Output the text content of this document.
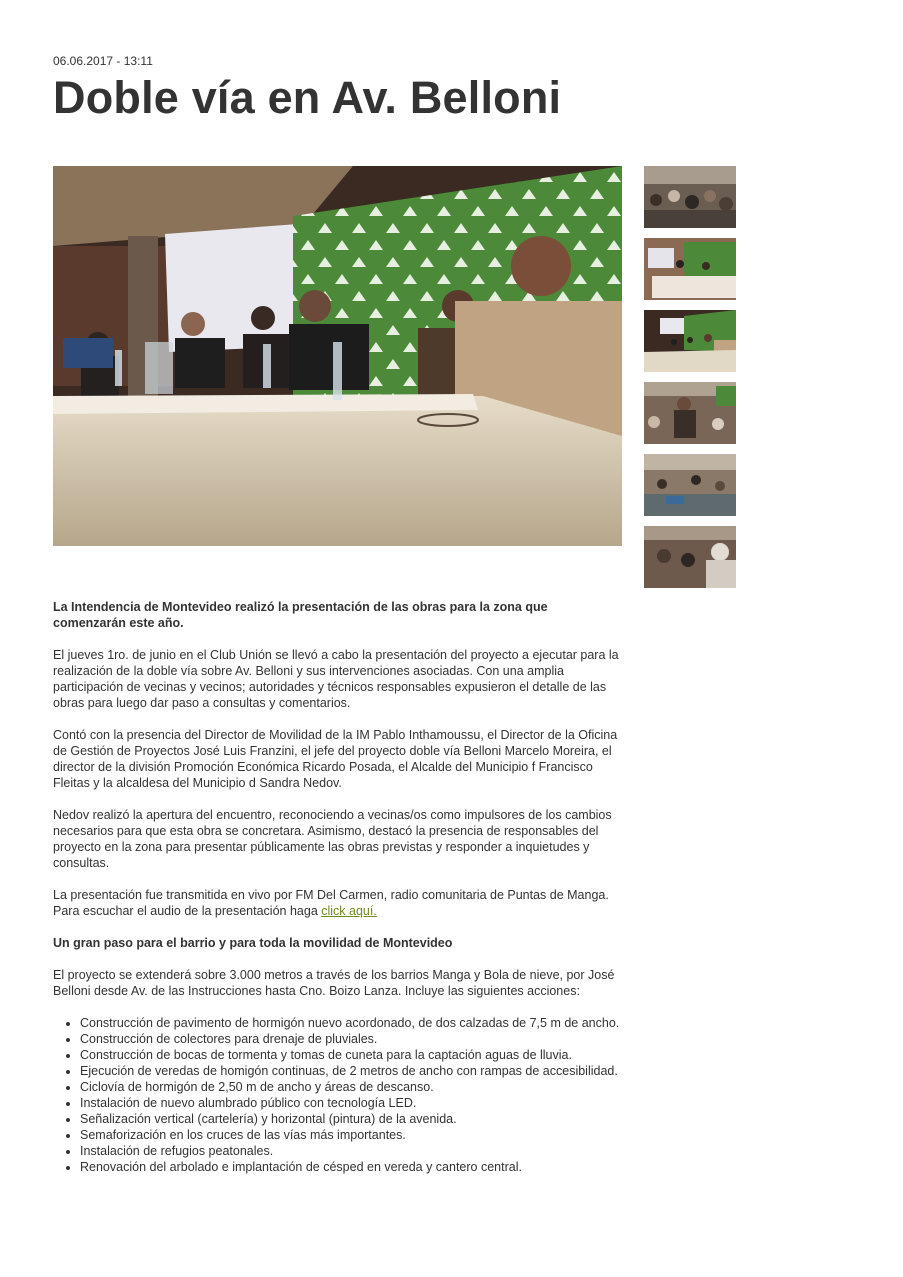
06.06.2017 - 13:11
Doble vía en Av. Belloni

La Intendencia de Montevideo realizó la presentación de las obras para la zona que comenzarán este año.

El jueves 1ro. de junio en el Club Unión se llevó a cabo la presentación del proyecto a ejecutar para la realización de la doble vía sobre Av. Belloni y sus intervenciones asociadas. Con una amplia participación de vecinas y vecinos; autoridades y técnicos responsables expusieron el detalle de las obras para luego dar paso a consultas y comentarios.

Contó con la presencia del Director de Movilidad de la IM Pablo Inthamoussu, el Director de la Oficina de Gestión de Proyectos José Luis Franzini, el jefe del proyecto doble vía Belloni Marcelo Moreira, el director de la división Promoción Económica Ricardo Posada, el Alcalde del Municipio f Francisco Fleitas y la alcaldesa del Municipio d Sandra Nedov.

Nedov realizó la apertura del encuentro, reconociendo a vecinas/os como impulsores de los cambios necesarios para que esta obra se concretara. Asimismo, destacó la presencia de responsables del proyecto en la zona para presentar públicamente las obras previstas y responder a inquietudes y consultas.

La presentación fue transmitida en vivo por FM Del Carmen, radio comunitaria de Puntas de Manga. Para escuchar el audio de la presentación haga click aquí.

Un gran paso para el barrio y para toda la movilidad de Montevideo

El proyecto se extenderá sobre 3.000 metros a través de los barrios Manga y Bola de nieve, por José Belloni desde Av. de las Instrucciones hasta Cno. Boizo Lanza. Incluye las siguientes acciones:

• Construcción de pavimento de hormigón nuevo acordonado, de dos calzadas de 7,5 m de ancho.
• Construcción de colectores para drenaje de pluviales.
• Construcción de bocas de tormenta y tomas de cuneta para la captación aguas de lluvia.
• Ejecución de veredas de homigón continuas, de 2 metros de ancho con rampas de accesibilidad.
• Ciclovía de hormigón de 2,50 m de ancho y áreas de descanso.
• Instalación de nuevo alumbrado público con tecnología LED.
• Señalización vertical (cartelería) y horizontal (pintura) de la avenida.
• Semaforización en los cruces de las vías más importantes.
• Instalación de refugios peatonales.
• Renovación del arbolado e implantación de césped en vereda y cantero central.
